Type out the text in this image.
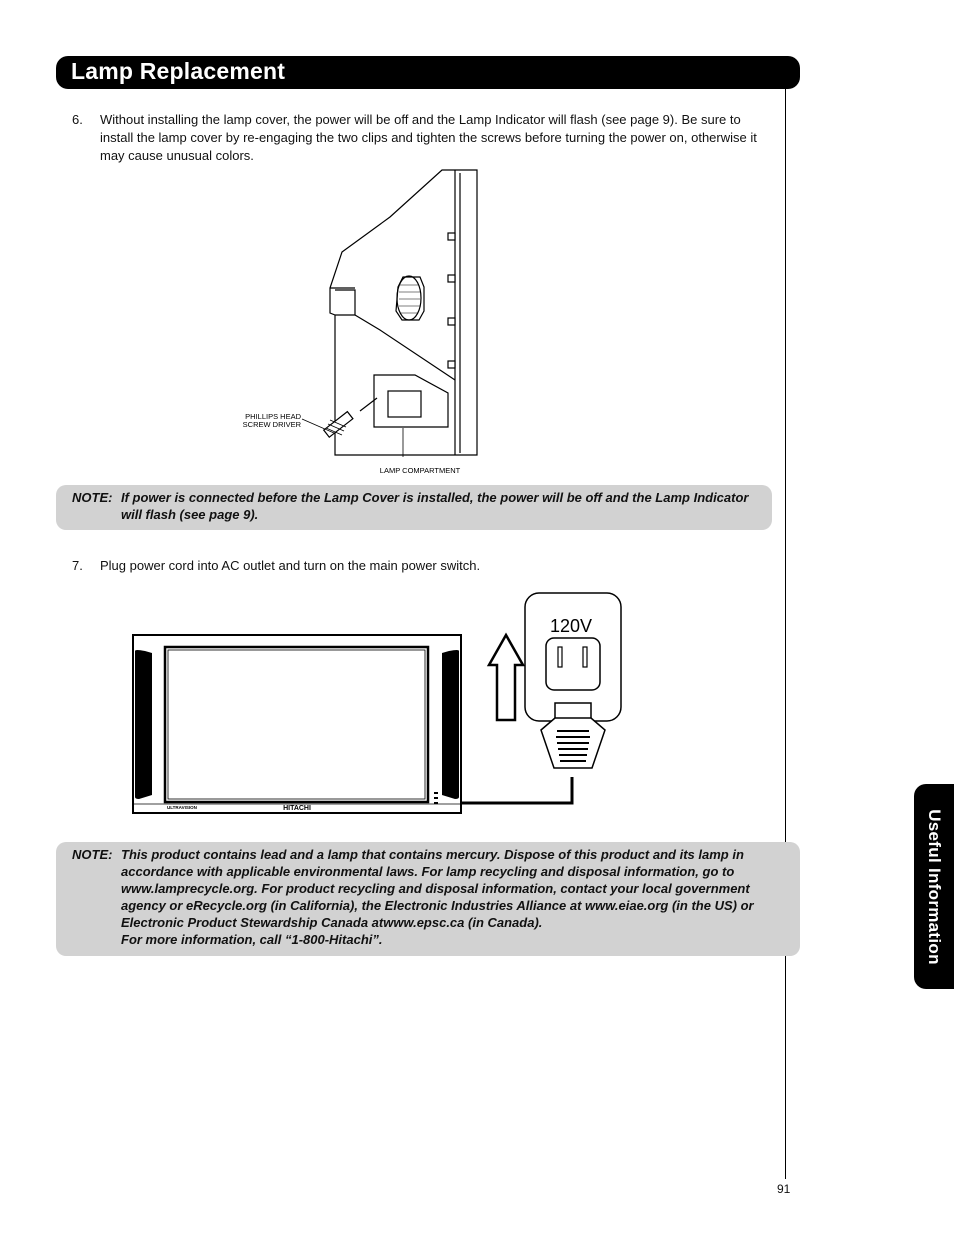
Lamp Replacement
6. Without installing the lamp cover, the power will be off and the Lamp Indicator will flash (see page 9). Be sure to install the lamp cover by re-engaging the two clips and tighten the screws before turning the power on, otherwise it may cause unusual colors.
PHILLIPS HEAD
SCREW DRIVER
LAMP COMPARTMENT
NOTE: If power is connected before the Lamp Cover is installed, the power will be off and the Lamp Indicator will flash (see page 9).
7. Plug power cord into AC outlet and turn on the main power switch.
ULTRAVISION	HITACHI
120V
NOTE: This product contains lead and a lamp that contains mercury. Dispose of this product and its lamp in
accordance with applicable environmental laws. For lamp recycling and disposal information, go to
www.lamprecycle.org. For product recycling and disposal information, contact your local government
agency or eRecycle.org (in California), the Electronic Industries Alliance at www.eiae.org (in the US) or
Electronic Product Stewardship Canada atwww.epsc.ca (in Canada).
For more information, call “1-800-Hitachi”.	Useful Information
91
